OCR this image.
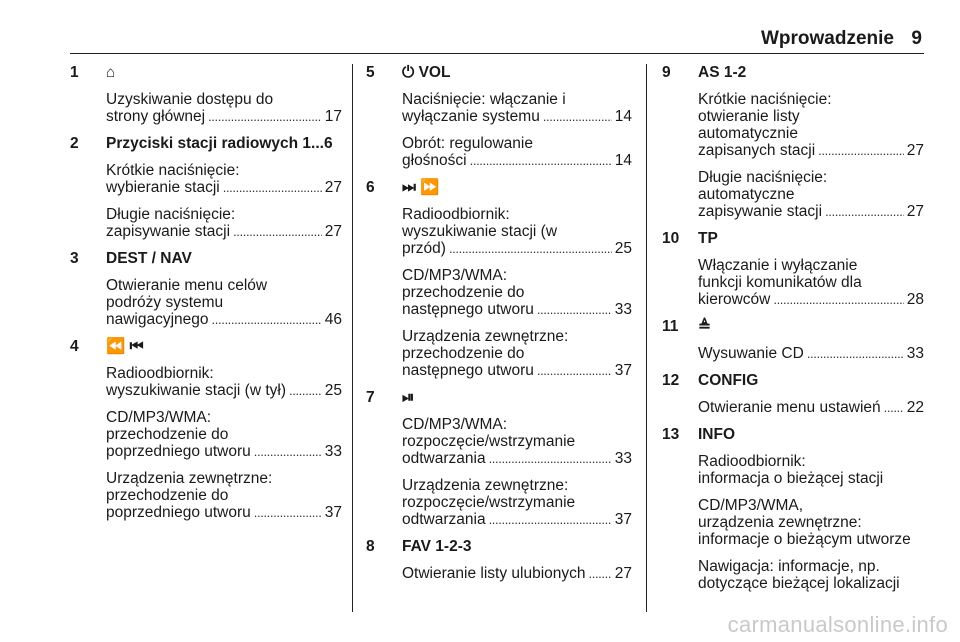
Wprowadzenie 9
1 ⌂
Uzyskiwanie dostępu do
strony głównej . . .	17
2 Przyciski stacji radiowych 1...6
Krótkie naciśnięcie:
wybieranie stacji . . .	27
Długie naciśnięcie:
zapisywanie stacji . . .	27
3 DEST / NAV
Otwieranie menu celów
podróży systemu
nawigacyjnego . . .	46
4 ⏪ ⏮
Radioodbiornik:
wyszukiwanie stacji (w tył) . . . 25
CD/MP3/WMA:
przechodzenie do
poprzedniego utworu . . .	33
Urządzenia zewnętrzne:
przechodzenie do
poprzedniego utworu . . .	37
5 ⏻ VOL
Naciśnięcie: włączanie i
wyłączanie systemu . . .	14
Obrót: regulowanie
głośności . . .	14
6 ⏭ ⏩
Radioodbiornik:
wyszukiwanie stacji (w
przód) . . .	25
CD/MP3/WMA:
przechodzenie do
następnego utworu . . .	33
Urządzenia zewnętrzne:
przechodzenie do
następnego utworu . . .	37
7 ⏯
CD/MP3/WMA:
rozpoczęcie/wstrzymanie
odtwarzania . . .	33
Urządzenia zewnętrzne:
rozpoczęcie/wstrzymanie
odtwarzania . . .	37
8 FAV 1-2-3
Otwieranie listy ulubionych . . . 27
9 AS 1-2
Krótkie naciśnięcie:
otwieranie listy
automatycznie
zapisanych stacji . . .	27
Długie naciśnięcie:
automatyczne
zapisywanie stacji . . .	27
10 TP
Włączanie i wyłączanie
funkcji komunikatów dla
kierowców . . .	28
11 ≜
Wysuwanie CD . . .	33
12 CONFIG
Otwieranie menu ustawień . . . 22
13 INFO
Radioodbiornik:
informacja o bieżącej stacji
CD/MP3/WMA,
urządzenia zewnętrzne:
informacje o bieżącym utworze
Nawigacja: informacje, np.
dotyczące bieżącej lokalizacji
carmanualsonline.info
